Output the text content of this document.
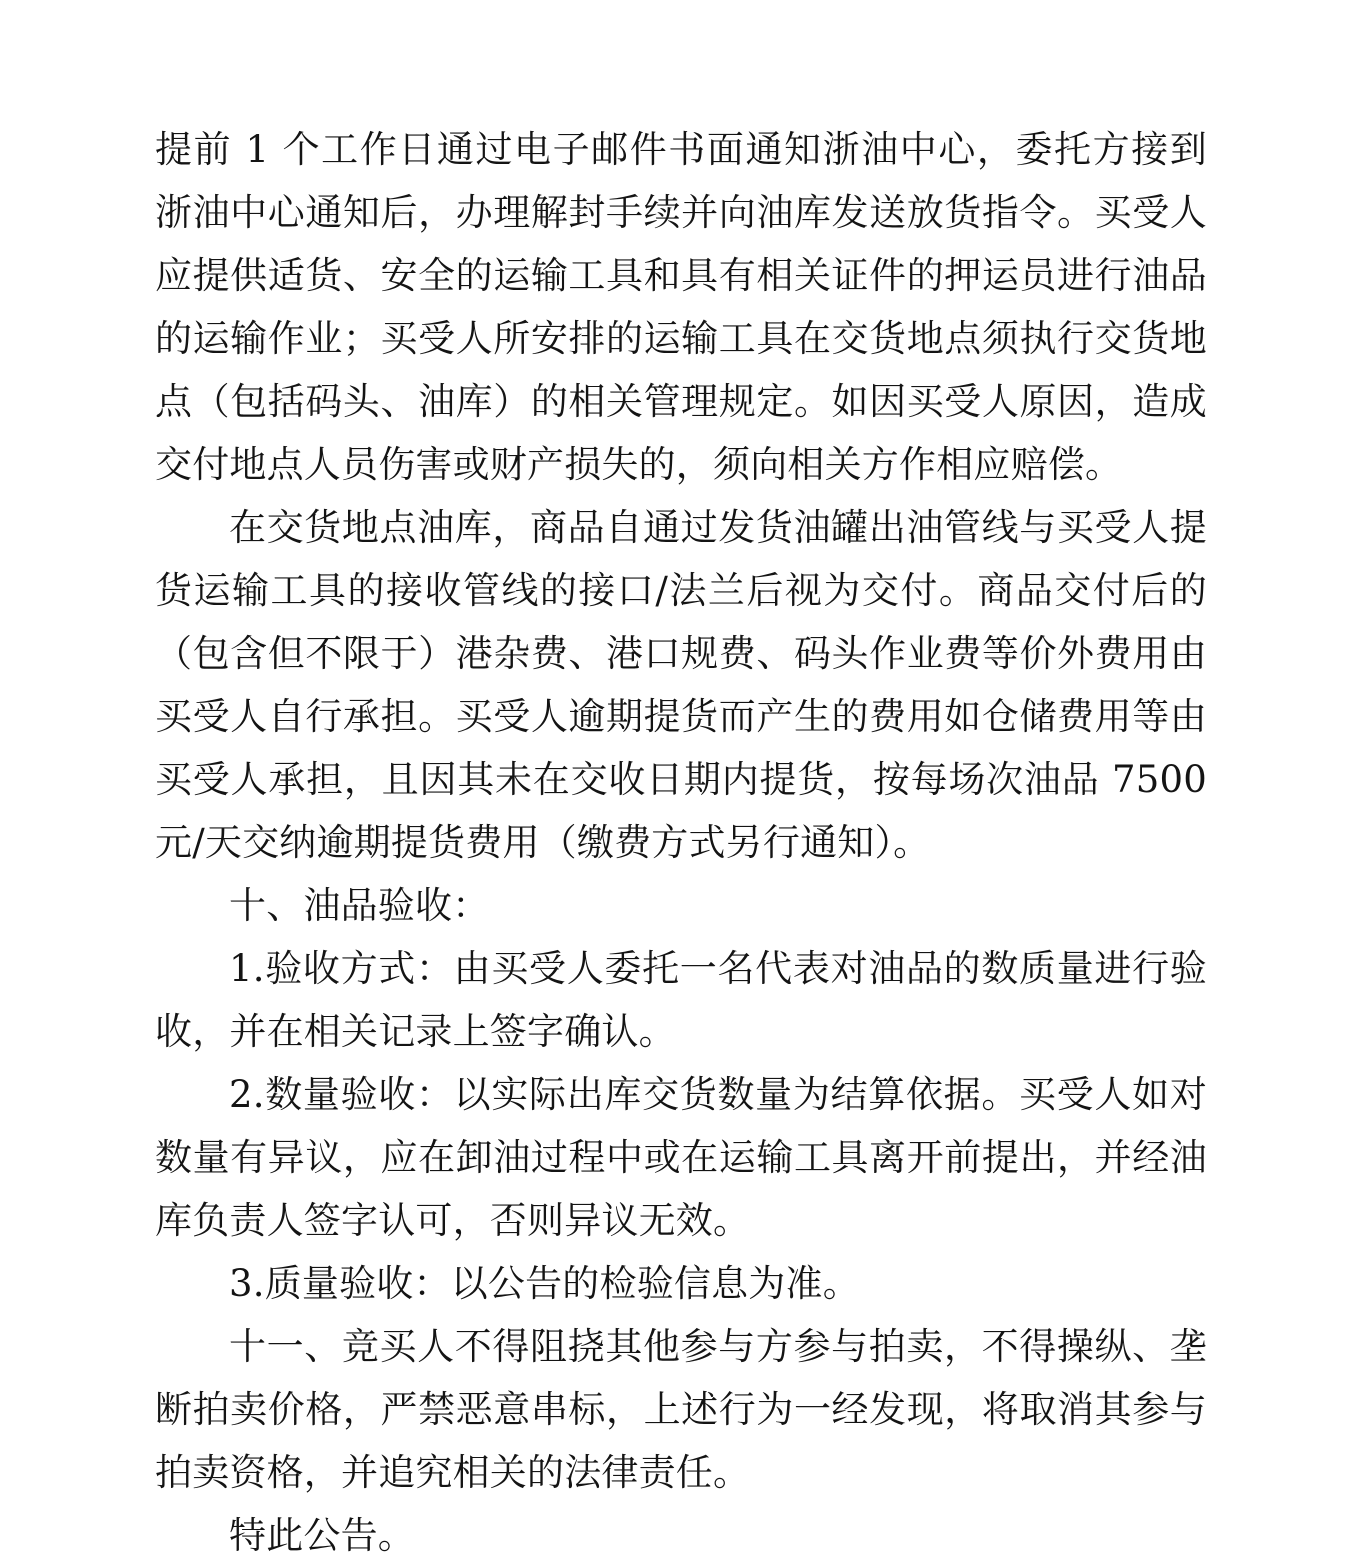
提前 1 个工作日通过电子邮件书面通知浙油中心，委托方接到浙油中心通知后，办理解封手续并向油库发送放货指令。买受人应提供适货、安全的运输工具和具有相关证件的押运员进行油品的运输作业；买受人所安排的运输工具在交货地点须执行交货地点（包括码头、油库）的相关管理规定。如因买受人原因，造成交付地点人员伤害或财产损失的，须向相关方作相应赔偿。

在交货地点油库，商品自通过发货油罐出油管线与买受人提货运输工具的接收管线的接口/法兰后视为交付。商品交付后的（包含但不限于）港杂费、港口规费、码头作业费等价外费用由买受人自行承担。买受人逾期提货而产生的费用如仓储费用等由买受人承担，且因其未在交收日期内提货，按每场次油品 7500 元/天交纳逾期提货费用（缴费方式另行通知）。

十、油品验收：

1.验收方式：由买受人委托一名代表对油品的数质量进行验收，并在相关记录上签字确认。

2.数量验收：以实际出库交货数量为结算依据。买受人如对数量有异议，应在卸油过程中或在运输工具离开前提出，并经油库负责人签字认可，否则异议无效。

3.质量验收：以公告的检验信息为准。

十一、竞买人不得阻挠其他参与方参与拍卖，不得操纵、垄断拍卖价格，严禁恶意串标，上述行为一经发现，将取消其参与拍卖资格，并追究相关的法律责任。

特此公告。
